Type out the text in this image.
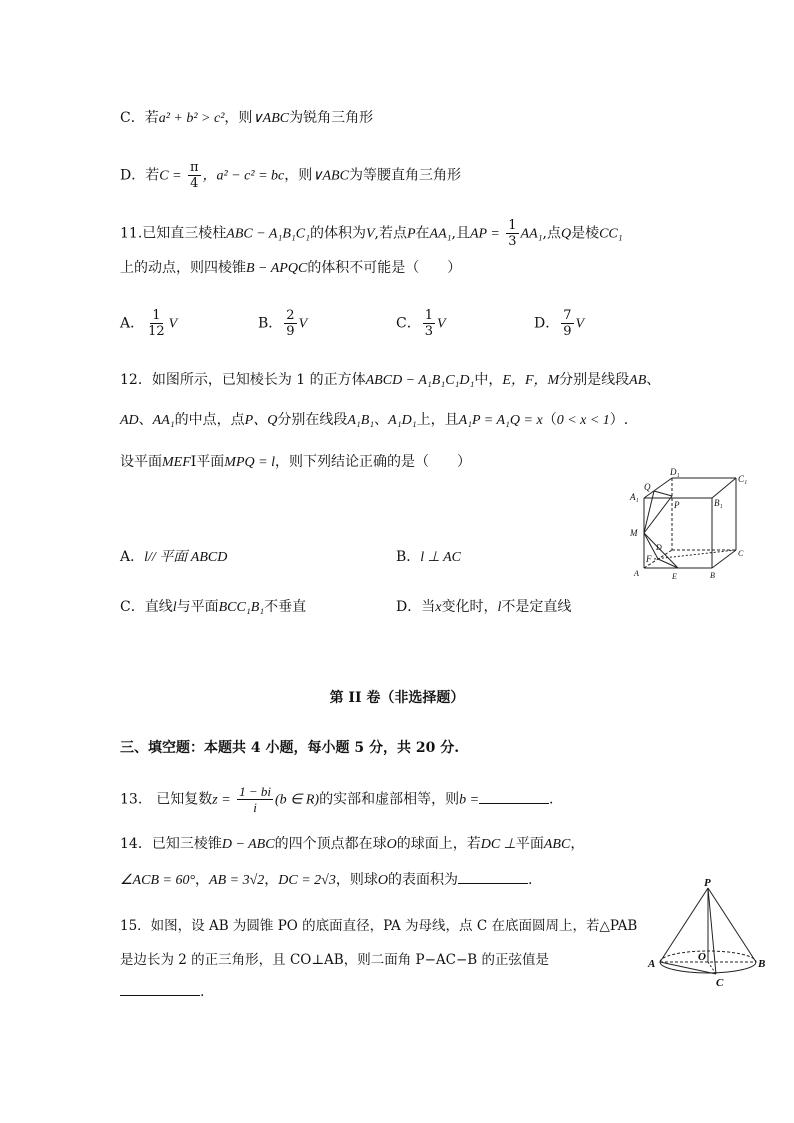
C．若a² + b² > c²，则∨ABC为锐角三角形
D．若$C = \frac{\pi}{4}$ ，a² − c² = bc，则∨ABC为等腰直角三角形
11.已知直三棱柱ABC − A₁B₁C₁的体积为V,若点P在AA₁,且AP = $\frac{1}{3} AA_1$,点Q是棱CC₁
上的动点，则四棱锥B − APQC的体积不可能是（　　）
A． $\frac{1}{12}$ V	B． $\frac{2}{9}$ V	C． $\frac{1}{3}$ V	D． $\frac{7}{9}$ V
12．如图所示，已知棱长为 1 的正方体ABCD − A₁B₁C₁D₁中，E，F，M分别是线段AB、
AD、AA₁的中点，点P、Q分别在线段A₁B₁、A₁D₁上，且A₁P = A₁Q = x（0 < x < 1）.
设平面MEFI平面MPQ = l，则下列结论正确的是（　　）
D₁
C₁
Q
A₁
P	B₁
M
D
F
C
A	E	B
A．l// 平面 ABCD	B．l ⊥ AC
C．直线l与平面BCC₁B₁不垂直	D．当x变化时，l不是定直线
第 II 卷（非选择题）
三、填空题：本题共 4 小题，每小题 5 分，共 20 分.
13.　已知复数$z = \frac{1 - bi}{i} (b$ ∈ R)的实部和虚部相等，则b =	.
14．已知三棱锥D − ABC的四个顶点都在球O的球面上，若DC ⊥平面ABC，
∠ACB = 60°，AB = 3√2，DC = 2√3，则球O的表面积为	.
15．如图，设 AB 为圆锥 PO 的底面直径，PA 为母线，点 C 在底面圆周上，若△PAB
是边长为 2 的正三角形，且 CO⊥AB，则二面角 P−AC−B 的正弦值是
.
P
A
O
B
C
